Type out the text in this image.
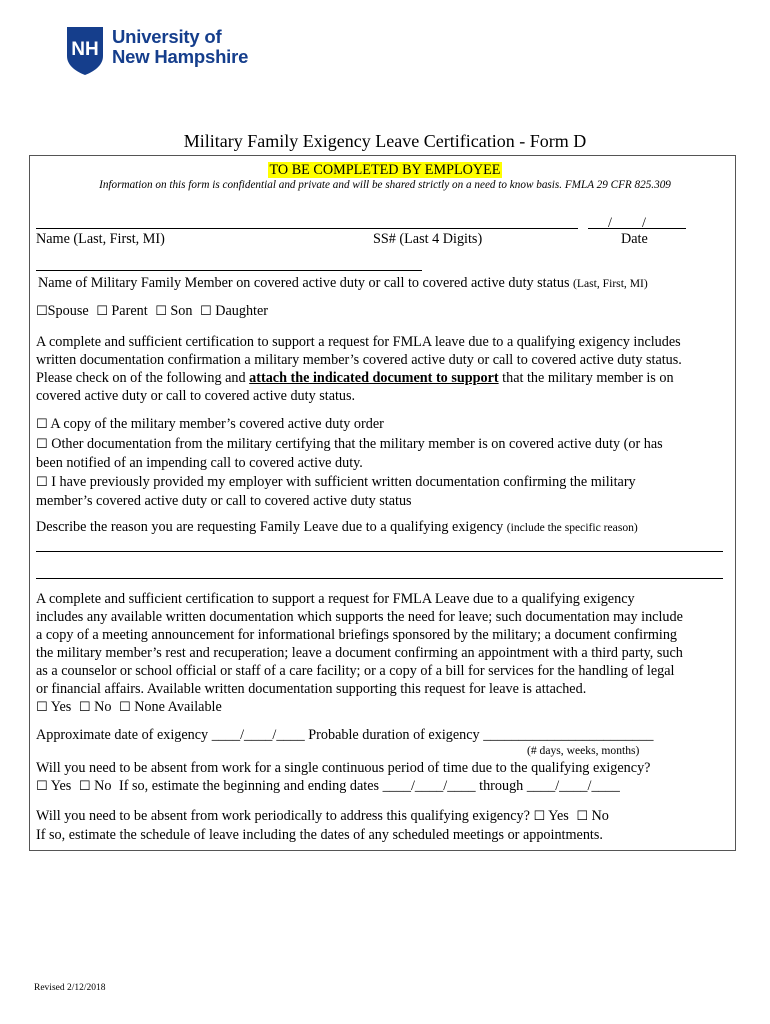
NH
University of
New Hampshire
Military Family Exigency Leave Certification - Form D
TO BE COMPLETED BY EMPLOYEE
Information on this form is confidential and private and will be shared strictly on a need to know basis. FMLA 29 CFR 825.309
/ /
Name (Last, First, MI)	SS# (Last 4 Digits)	Date
Name of Military Family Member on covered active duty or call to covered active duty status (Last, First, MI)
☐Spouse ☐ Parent ☐ Son ☐ Daughter
A complete and sufficient certification to support a request for FMLA leave due to a qualifying exigency includes
written documentation confirmation a military member’s covered active duty or call to covered active duty status.
Please check on of the following and attach the indicated document to support that the military member is on
covered active duty or call to covered active duty status.
☐ A copy of the military member’s covered active duty order
☐ Other documentation from the military certifying that the military member is on covered active duty (or has
been notified of an impending call to covered active duty.
☐ I have previously provided my employer with sufficient written documentation confirming the military
member’s covered active duty or call to covered active duty status
Describe the reason you are requesting Family Leave due to a qualifying exigency (include the specific reason)
A complete and sufficient certification to support a request for FMLA Leave due to a qualifying exigency
includes any available written documentation which supports the need for leave; such documentation may include
a copy of a meeting announcement for informational briefings sponsored by the military; a document confirming
the military member’s rest and recuperation; leave a document confirming an appointment with a third party, such
as a counselor or school official or staff of a care facility; or a copy of a bill for services for the handling of legal
or financial affairs. Available written documentation supporting this request for leave is attached.
☐ Yes ☐ No ☐ None Available
Approximate date of exigency ____/____/____ Probable duration of exigency ________________________
(# days, weeks, months)
Will you need to be absent from work for a single continuous period of time due to the qualifying exigency?
☐ Yes ☐ No If so, estimate the beginning and ending dates ____/____/____ through ____/____/____
Will you need to be absent from work periodically to address this qualifying exigency? ☐ Yes ☐ No
If so, estimate the schedule of leave including the dates of any scheduled meetings or appointments.
Revised 2/12/2018
